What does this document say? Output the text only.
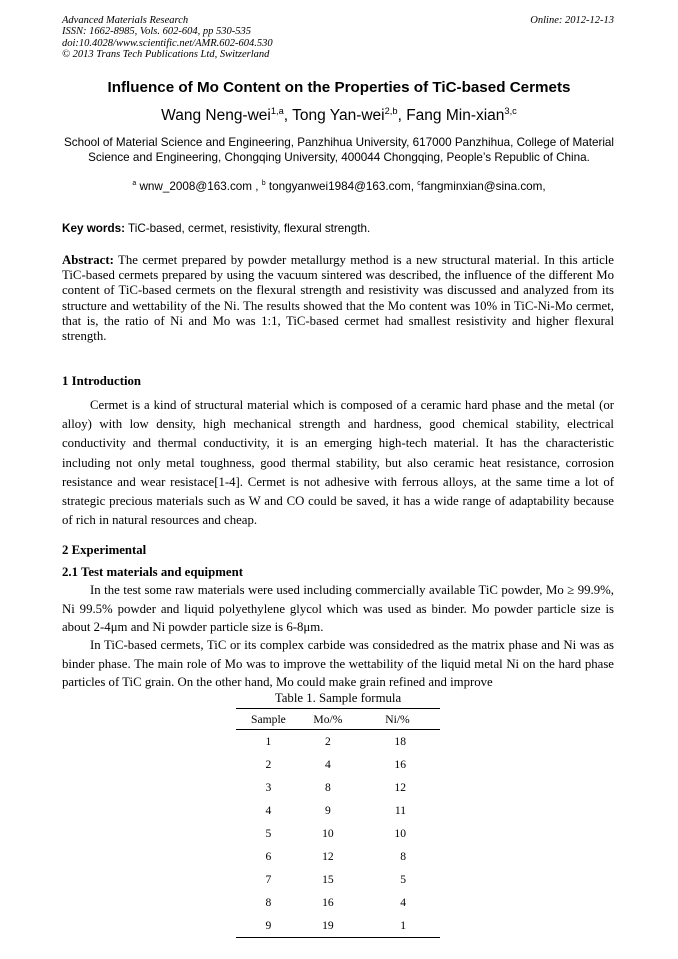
Advanced Materials Research
ISSN: 1662-8985, Vols. 602-604, pp 530-535
doi:10.4028/www.scientific.net/AMR.602-604.530
© 2013 Trans Tech Publications Ltd, Switzerland
Online: 2012-12-13
Influence of Mo Content on the Properties of TiC-based Cermets
Wang Neng-wei$^{1,a}$, Tong Yan-wei$^{2,b}$, Fang Min-xian$^{3,c}$
School of Material Science and Engineering, Panzhihua University, 617000 Panzhihua, College of Material Science and Engineering, Chongqing University, 400044 Chongqing, People’s Republic of China.
$^a$ wnw_2008@163.com , $^b$ tongyanwei1984@163.com, $^c$fangminxian@sina.com,
Key words: TiC-based, cermet, resistivity, flexural strength.
Abstract: The cermet prepared by powder metallurgy method is a new structural material. In this article TiC-based cermets prepared by using the vacuum sintered was described, the influence of the different Mo content of TiC-based cermets on the flexural strength and resistivity was discussed and analyzed from its structure and wettability of the Ni. The results showed that the Mo content was 10% in TiC-Ni-Mo cermet, that is, the ratio of Ni and Mo was 1:1, TiC-based cermet had smallest resistivity and higher flexural strength.
1 Introduction
Cermet is a kind of structural material which is composed of a ceramic hard phase and the metal (or alloy) with low density, high mechanical strength and hardness, good chemical stability, electrical conductivity and thermal conductivity, it is an emerging high-tech material. It has the characteristic including not only metal toughness, good thermal stability, but also ceramic heat resistance, corrosion resistance and wear resistace[1-4]. Cermet is not adhesive with ferrous alloys, at the same time a lot of strategic precious materials such as W and CO could be saved, it has a wide range of adaptability because of rich in natural resources and cheap.
2 Experimental
2.1 Test materials and equipment
In the test some raw materials were used including commercially available TiC powder, Mo ≥ 99.9%, Ni 99.5% powder and liquid polyethylene glycol which was used as binder. Mo powder particle size is about 2-4μm and Ni powder particle size is 6-8μm.
In TiC-based cermets, TiC or its complex carbide was considedred as the matrix phase and Ni was as binder phase. The main role of Mo was to improve the wettability of the liquid metal Ni on the hard phase particles of TiC grain. On the other hand, Mo could make grain refined and improve
Table 1. Sample formula
Sample	Mo/%	Ni/%
1	2	18
2	4	16
3	8	12
4	9	11
5	10	10
6	12	8
7	15	5
8	16	4
9	19	1
